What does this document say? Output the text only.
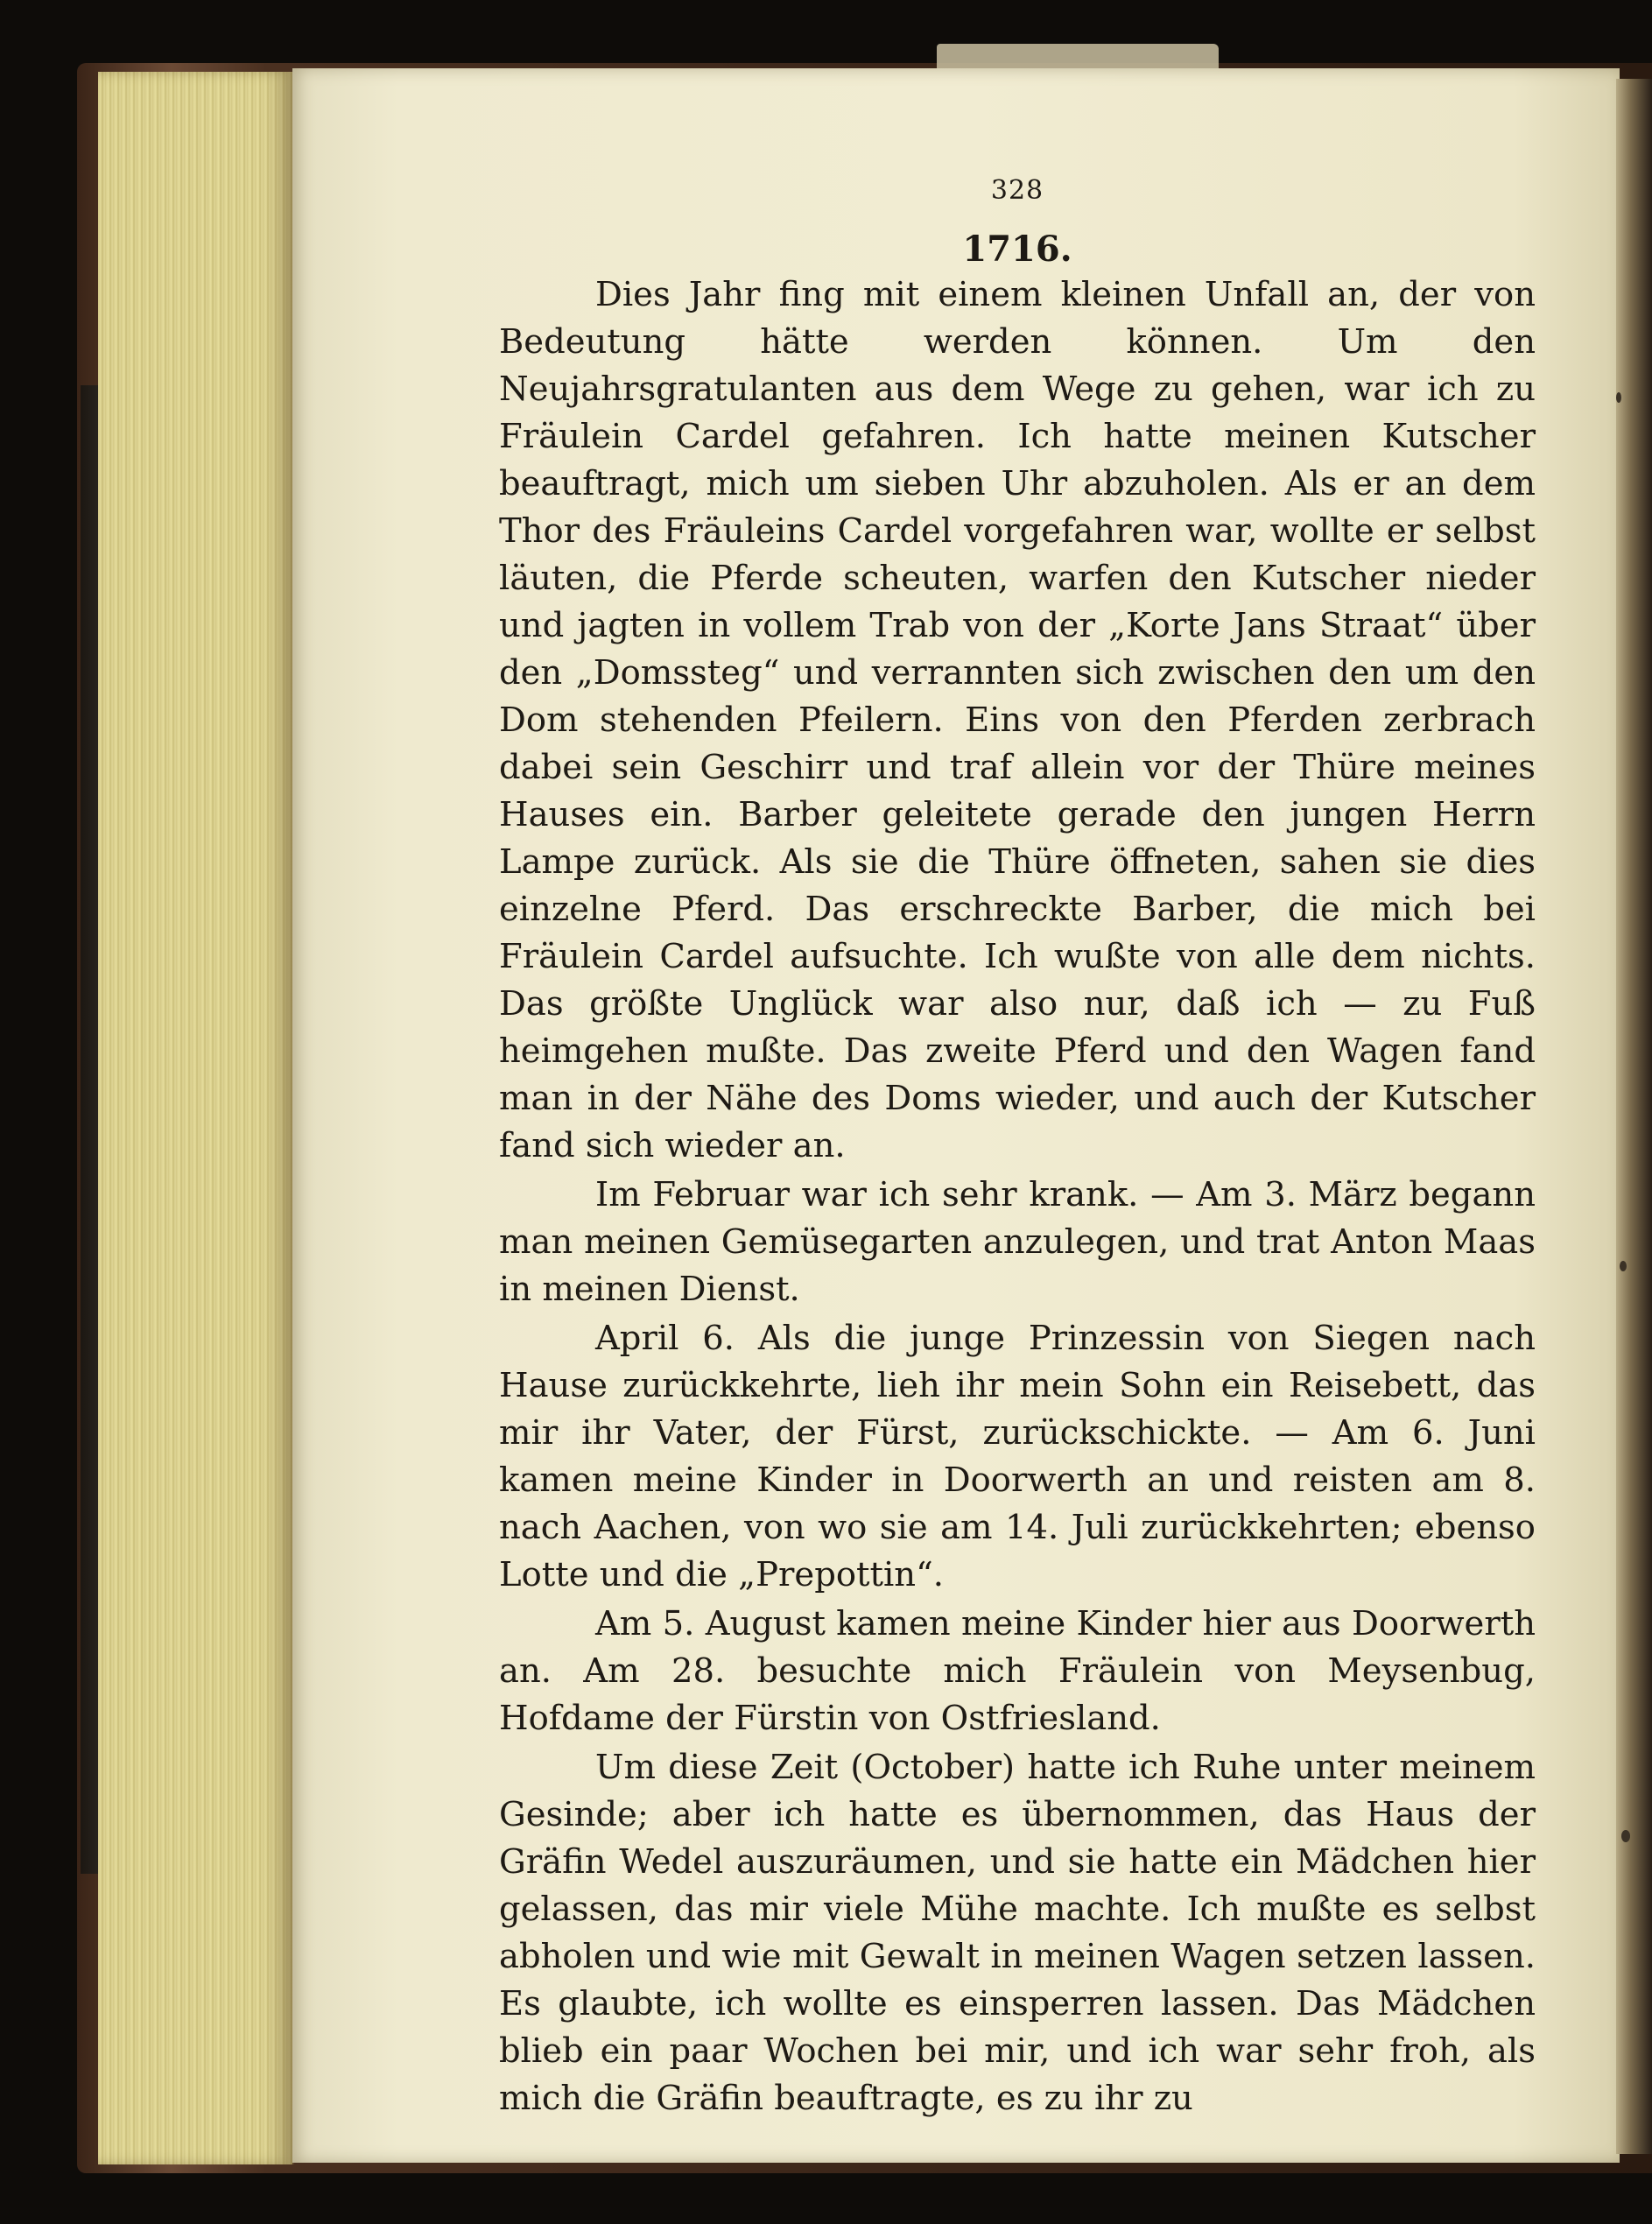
328
1716.

Dies Jahr fing mit einem kleinen Unfall an, der von Bedeutung hätte werden können. Um den Neujahrsgratulanten aus dem Wege zu gehen, war ich zu Fräulein Cardel gefahren. Ich hatte meinen Kutscher beauftragt, mich um sieben Uhr abzuholen. Als er an dem Thor des Fräuleins Cardel vorgefahren war, wollte er selbst läuten, die Pferde scheuten, warfen den Kutscher nieder und jagten in vollem Trab von der „Korte Jans Straat“ über den „Domssteg“ und verrannten sich zwischen den um den Dom stehenden Pfeilern. Eins von den Pferden zerbrach dabei sein Geschirr und traf allein vor der Thüre meines Hauses ein. Barber geleitete gerade den jungen Herrn Lampe zurück. Als sie die Thüre öffneten, sahen sie dies einzelne Pferd. Das erschreckte Barber, die mich bei Fräulein Cardel aufsuchte. Ich wußte von alle dem nichts. Das größte Unglück war also nur, daß ich — zu Fuß heimgehen mußte. Das zweite Pferd und den Wagen fand man in der Nähe des Doms wieder, und auch der Kutscher fand sich wieder an.

Im Februar war ich sehr krank. — Am 3. März begann man meinen Gemüsegarten anzulegen, und trat Anton Maas in meinen Dienst.

April 6. Als die junge Prinzessin von Siegen nach Hause zurückkehrte, lieh ihr mein Sohn ein Reisebett, das mir ihr Vater, der Fürst, zurückschickte. — Am 6. Juni kamen meine Kinder in Doorwerth an und reisten am 8. nach Aachen, von wo sie am 14. Juli zurückkehrten; ebenso Lotte und die „Prepottin“.

Am 5. August kamen meine Kinder hier aus Doorwerth an. Am 28. besuchte mich Fräulein von Meysenbug, Hofdame der Fürstin von Ostfriesland.

Um diese Zeit (October) hatte ich Ruhe unter meinem Gesinde; aber ich hatte es übernommen, das Haus der Gräfin Wedel auszuräumen, und sie hatte ein Mädchen hier gelassen, das mir viele Mühe machte. Ich mußte es selbst abholen und wie mit Gewalt in meinen Wagen setzen lassen. Es glaubte, ich wollte es einsperren lassen. Das Mädchen blieb ein paar Wochen bei mir, und ich war sehr froh, als mich die Gräfin beauftragte, es zu ihr zu
